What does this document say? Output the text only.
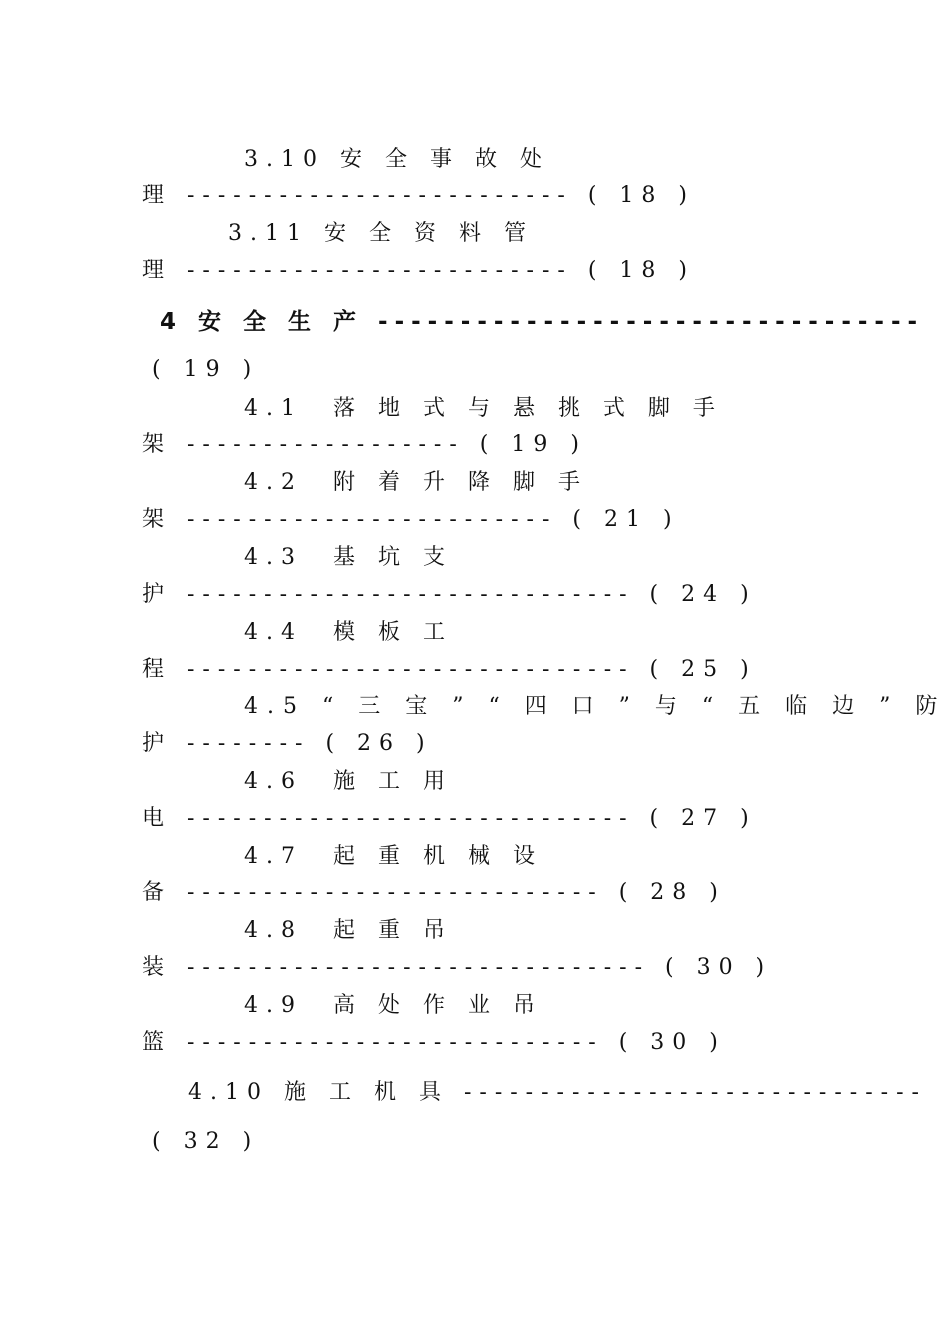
3.10 安 全 事 故 处
理 ------------------------- ( 18 )
3.11 安 全 资 料 管
理 ------------------------- ( 18 )
4 安 全 生 产 ---------------------------------
( 19 )
4.1  落 地 式 与 悬 挑 式 脚 手
架 ------------------ ( 19 )
4.2  附 着 升 降 脚 手
架 ------------------------ ( 21 )
4.3  基 坑 支
护 ----------------------------- ( 24 )
4.4  模 板 工
程 ----------------------------- ( 25 )
4.5 “ 三 宝 ” “ 四 口 ” 与 “ 五 临 边 ” 防
护 -------- ( 26 )
4.6  施 工 用
电 ----------------------------- ( 27 )
4.7  起 重 机 械 设
备 --------------------------- ( 28 )
4.8  起 重 吊
装 ------------------------------ ( 30 )
4.9  高 处 作 业 吊
篮 --------------------------- ( 30 )
4.10 施 工 机 具 ------------------------------
( 32 )
